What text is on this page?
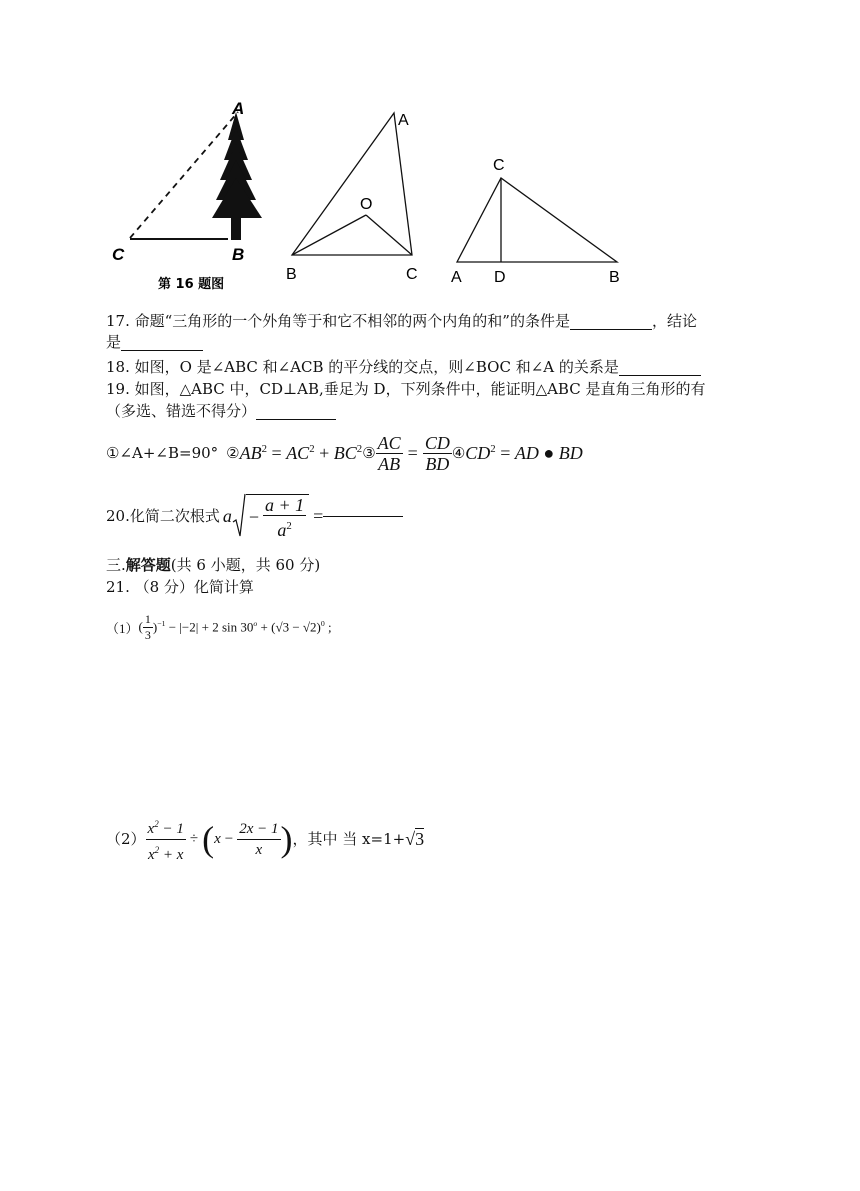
A
C	B
第 16 题图
A
O
B	C
C
A D	B
17. 命题“三角形的一个外角等于和它不相邻的两个内角的和”的条件是	，结论
是
18. 如图，O 是∠ABC 和∠ACB 的平分线的交点，则∠BOC 和∠A 的关系是
19. 如图，△ABC 中，CD⊥AB,垂足为 D，下列条件中，能证明△ABC 是直角三角形的有
（多选、错选不得分）
①∠A+∠B=90° ② $AB^2 = AC^2 + BC^2$ ③ $\frac{AC}{AB} = \frac{CD}{BD}$ ④ $CD^2$ = AD ● BD
20.化简二次根式 $a - \frac{a + 1}{a^2}$ =
三.解答题(共 6 小题，共 60 分)
21. （8 分）化简计算
（1） ( $\frac{1}{3} )^{-1} - |-2| + 2$ $\sin 30^o + (√3 - √2)^0$ ;
$(2) \frac{x^2 - 1}{x^2 + x}$ ÷ ( $x - \frac{2x - 1}{x}$ ) ，其中 当 x=1+ √3
